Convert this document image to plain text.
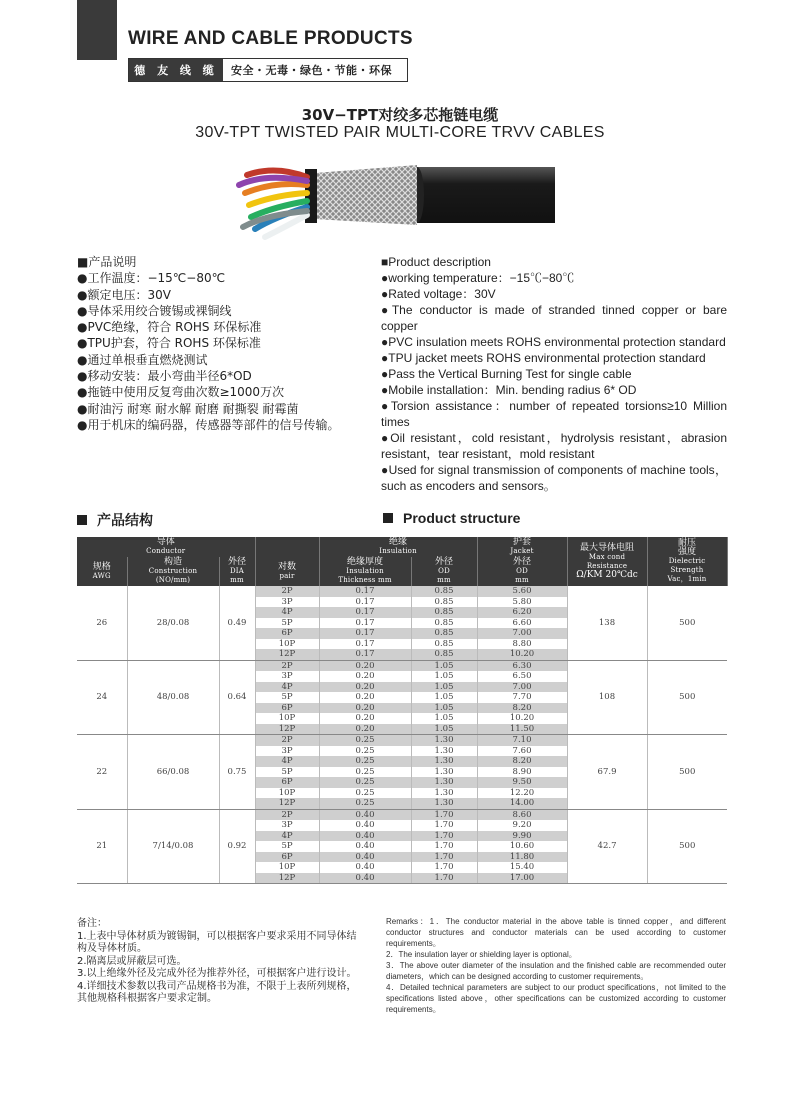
WIRE AND CABLE PRODUCTS
德 友 线 缆	安全・无毒・绿色・节能・环保
30V−TPT对绞多芯拖链电缆
30V-TPT TWISTED PAIR MULTI-CORE TRVV CABLES
■产品说明
●工作温度：−15℃−80℃
●额定电压：30V
●导体采用绞合镀锡或裸铜线
●PVC绝缘，符合 ROHS 环保标准
●TPU护套，符合 ROHS 环保标准
●通过单根垂直燃烧测试
●移动安装：最小弯曲半径6*OD
●拖链中使用反复弯曲次数≥1000万次
●耐油污 耐寒 耐水解 耐磨 耐撕裂 耐霉菌
●用于机床的编码器，传感器等部件的信号传输。
■Product description
●working temperature：−15℃−80℃
●Rated voltage：30V
●The conductor is made of stranded tinned copper or bare copper
●PVC insulation meets ROHS environmental protection standard
●TPU jacket meets ROHS environmental protection standard
●Pass the Vertical Burning Test for single cable
●Mobile installation：Min. bending radius 6* OD
●Torsion assistance：number of repeated torsions≥10 Million times
●Oil resistant，cold resistant，hydrolysis resistant，abrasion resistant，tear resistant，mold resistant
●Used for signal transmission of components of machine tools，such as encoders and sensors。
产品结构	Product structure
导体
Conductor				绝缘
Insulation		护套
Jacket	最大导体电阻
Max cond
Resistance
Ω/KM 20℃dc	耐压
强度
Dielectric
Strength
Vac，1min

规格
AWG	构造
Construction
(NO/mm)	外径
DIA
mm	对数
pair	绝缘厚度
Insulation
Thickness mm	外径
OD
mm	外径
OD
mm		

26	28/0.08	0.49	2P	0.17	0.85	5.60	138	500
			3P	0.17	0.85	5.80		
			4P	0.17	0.85	6.20		
			5P	0.17	0.85	6.60		
			6P	0.17	0.85	7.00		
			10P	0.17	0.85	8.80		
			12P	0.17	0.85	10.20		
24	48/0.08	0.64	2P	0.20	1.05	6.30	108	500
			3P	0.20	1.05	6.50		
			4P	0.20	1.05	7.00		
			5P	0.20	1.05	7.70		
			6P	0.20	1.05	8.20		
			10P	0.20	1.05	10.20		
			12P	0.20	1.05	11.50		
22	66/0.08	0.75	2P	0.25	1.30	7.10	67.9	500
			3P	0.25	1.30	7.60		
			4P	0.25	1.30	8.20		
			5P	0.25	1.30	8.90		
			6P	0.25	1.30	9.50		
			10P	0.25	1.30	12.20		
			12P	0.25	1.30	14.00		
21	7/14/0.08	0.92	2P	0.40	1.70	8.60	42.7	500
			3P	0.40	1.70	9.20		
			4P	0.40	1.70	9.90		
			5P	0.40	1.70	10.60		
			6P	0.40	1.70	11.80		
			10P	0.40	1.70	15.40		
			12P	0.40	1.70	17.00		
备注：
1.上表中导体材质为镀锡铜，可以根据客户要求采用不同导体结构及导体材质。
2.隔离层或屏蔽层可选。
3.以上绝缘外径及完成外径为推荐外径，可根据客户进行设计。
4.详细技术参数以我司产品规格书为准，不限于上表所列规格，其他规格科根据客户要求定制。
Remarks：1．The conductor material in the above table is tinned copper，and different conductor structures and conductor materials can be used according to customer requirements。
2．The insulation layer or shielding layer is optional。
3．The above outer diameter of the insulation and the finished cable are recommended outer diameters，which can be designed according to customer requirements。
4．Detailed technical parameters are subject to our product specifications，not limited to the specifications listed above，other specifications can be customized according to customer requirements。
